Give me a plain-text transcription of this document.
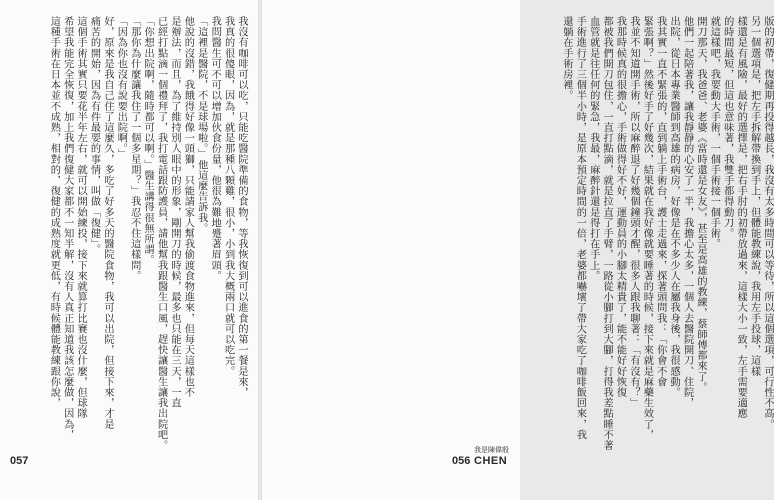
我沒有咖啡可以吃，只能吃醫院準備的食物，等我恢復到可以進食的第一餐是來，
我真的很傻眼，因為，就是那種八顆雞，很小，小到我大概兩口就可以吃完。
我問醫生可不可以增加伙食份量，他很為難地蹙著眉頭。
「這裡是醫院，不是球場啦。」他這麼告訴我。
他說的沒錯，我餓得好像一頭獅，只能請家人幫我偷渡食物進來，但每天這樣也不
是辦法，而且，為了維持別人眼中的形象，剛開刀的時候，最多也只能在三天，一直
已經打點滴一個禮拜了，我打電話跟防護員，請他幫我跟醫生口風，趕快讓醫生讓我出院吧。
「你想出院啊，隨時都可以啊。」醫生講得很無所謂。
「那你為什麼讓我住了一個多星期？」我忍不住這樣問。
「因為你也沒有說要出院啊。」
好，原來是我自己住了這麼久，多吃了好多天的醫院食物，我可以出院，但接下來，才是
痛苦的開始，因為有件最要的事情，叫做「復健」。
這個手術其實只要花半年左右，就可以開始練投，接下來就算打比賽也沒什麼，但球隊
希望我能完全恢復，加上我們復健大家都不一知半解，沒有人真正知道我該怎麼做，因為，
這種手術在日本並不成熟，相對的，復健的成熟度就更低，有時候體能教練跟你說，
057
版的初帶，復健期再投得越長，我沒有太多時間可以等待，所以這個選項，可行性不高。
另一個選項是，把左手拆解帶換到手上，但體能教練說，我用左手投球，這樣
樣還是有風險，最好的選擇是，把右手肘的初帶放過來，這樣大小一致，左手需要適應
的時間最短，但這也意味著，我雙手都得動刀。
就這樣吧，我要動大手術，一個手術接一個手術。
開刀那天，我爸爸、老婆《當時還是女友》，甚至是高雄的教練，蔡師傅都來了。
他們一起陪著我，讓我靜靜的心安了一半，我擔心太多，一個人去醫院開刀、住院，
出院，從日本專業醫師到高雄的病房，好像是在不多少人在屬我身後，我很感動。
我其實一直不緊張的，直到躺上手術台，護士走過來，探著頭問我：「你會不會
緊張啊？」然後好手了好幾次，結果就在我好像就要睡著的時候，接下來就是麻藥生效了，
我並不知道開手術，所以麻醉退了好幾個鐘頭才醒，很多人跟我聊著：「有沒有？」
我那時候真的很擔心，手術做得好不好，運動員的小腳太精貴了，能不能好好恢復
都被我們開刀包住，一直打點滴，就是拉直了手臂，一路從小腳打到大腳，打得我差點睡不著
血管就是往任何的緊急，我最，麻醉針還是得打在手上。
手術進行了三個半小時，是原本預定時間的一倍，老婆都嚇壞了帶大家吃了咖啡飯回來，我
還躺在手術房裡。
056
我是陳偉殷
CHEN
